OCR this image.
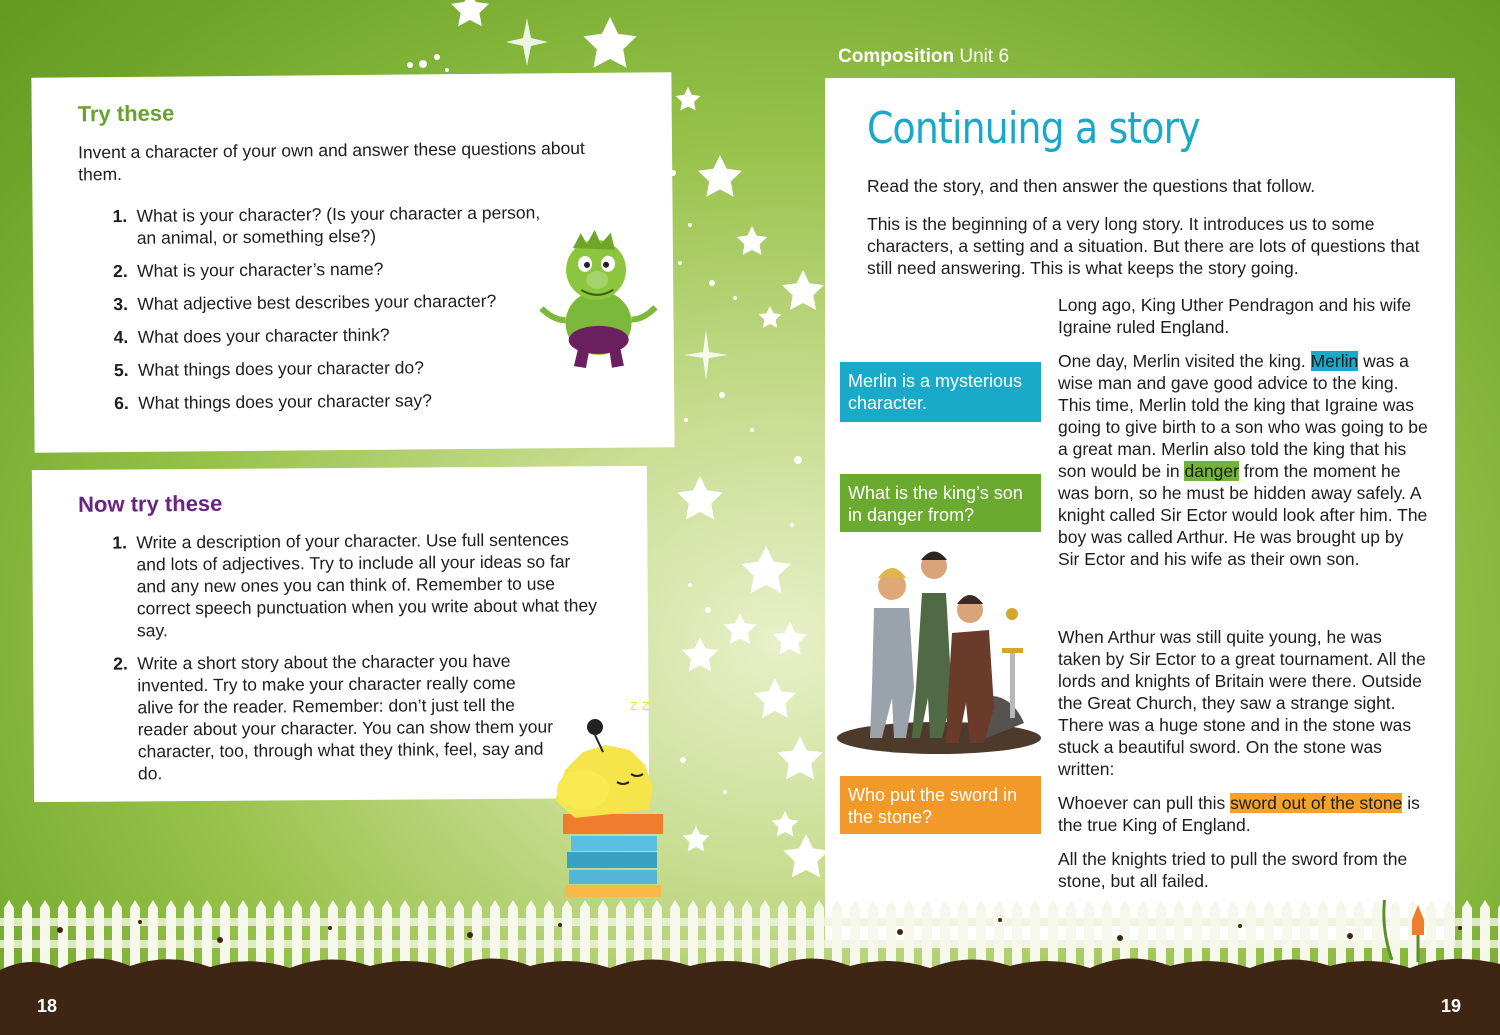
Try these
Invent a character of your own and answer these questions about them.
1. What is your character? (Is your character a person, an animal, or something else?)
2. What is your character’s name?
3. What adjective best describes your character?
4. What does your character think?
5. What things does your character do?
6. What things does your character say?
Now try these
1. Write a description of your character. Use full sentences and lots of adjectives. Try to include all your ideas so far and any new ones you can think of. Remember to use correct speech punctuation when you write about what they say.
2. Write a short story about the character you have invented. Try to make your character really come alive for the reader. Remember: don’t just tell the reader about your character. You can show them your character, too, through what they think, feel, say and do.
z z
Composition Unit 6
Continuing a story
Read the story, and then answer the questions that follow.
This is the beginning of a very long story. It introduces us to some characters, a setting and a situation. But there are lots of questions that still need answering. This is what keeps the story going.
Long ago, King Uther Pendragon and his wife Igraine ruled England.
One day, Merlin visited the king. Merlin was a wise man and gave good advice to the king. This time, Merlin told the king that Igraine was going to give birth to a son who was going to be a great man. Merlin also told the king that his son would be in danger from the moment he was born, so he must be hidden away safely. A knight called Sir Ector would look after him. The boy was called Arthur. He was brought up by Sir Ector and his wife as their own son.
When Arthur was still quite young, he was taken by Sir Ector to a great tournament. All the lords and knights of Britain were there. Outside the Great Church, they saw a strange sight. There was a huge stone and in the stone was stuck a beautiful sword. On the stone was written:
Whoever can pull this sword out of the stone is the true King of England.
All the knights tried to pull the sword from the stone, but all failed.
Merlin is a mysterious character.
What is the king’s son in danger from?
Who put the sword in the stone?
18	19
